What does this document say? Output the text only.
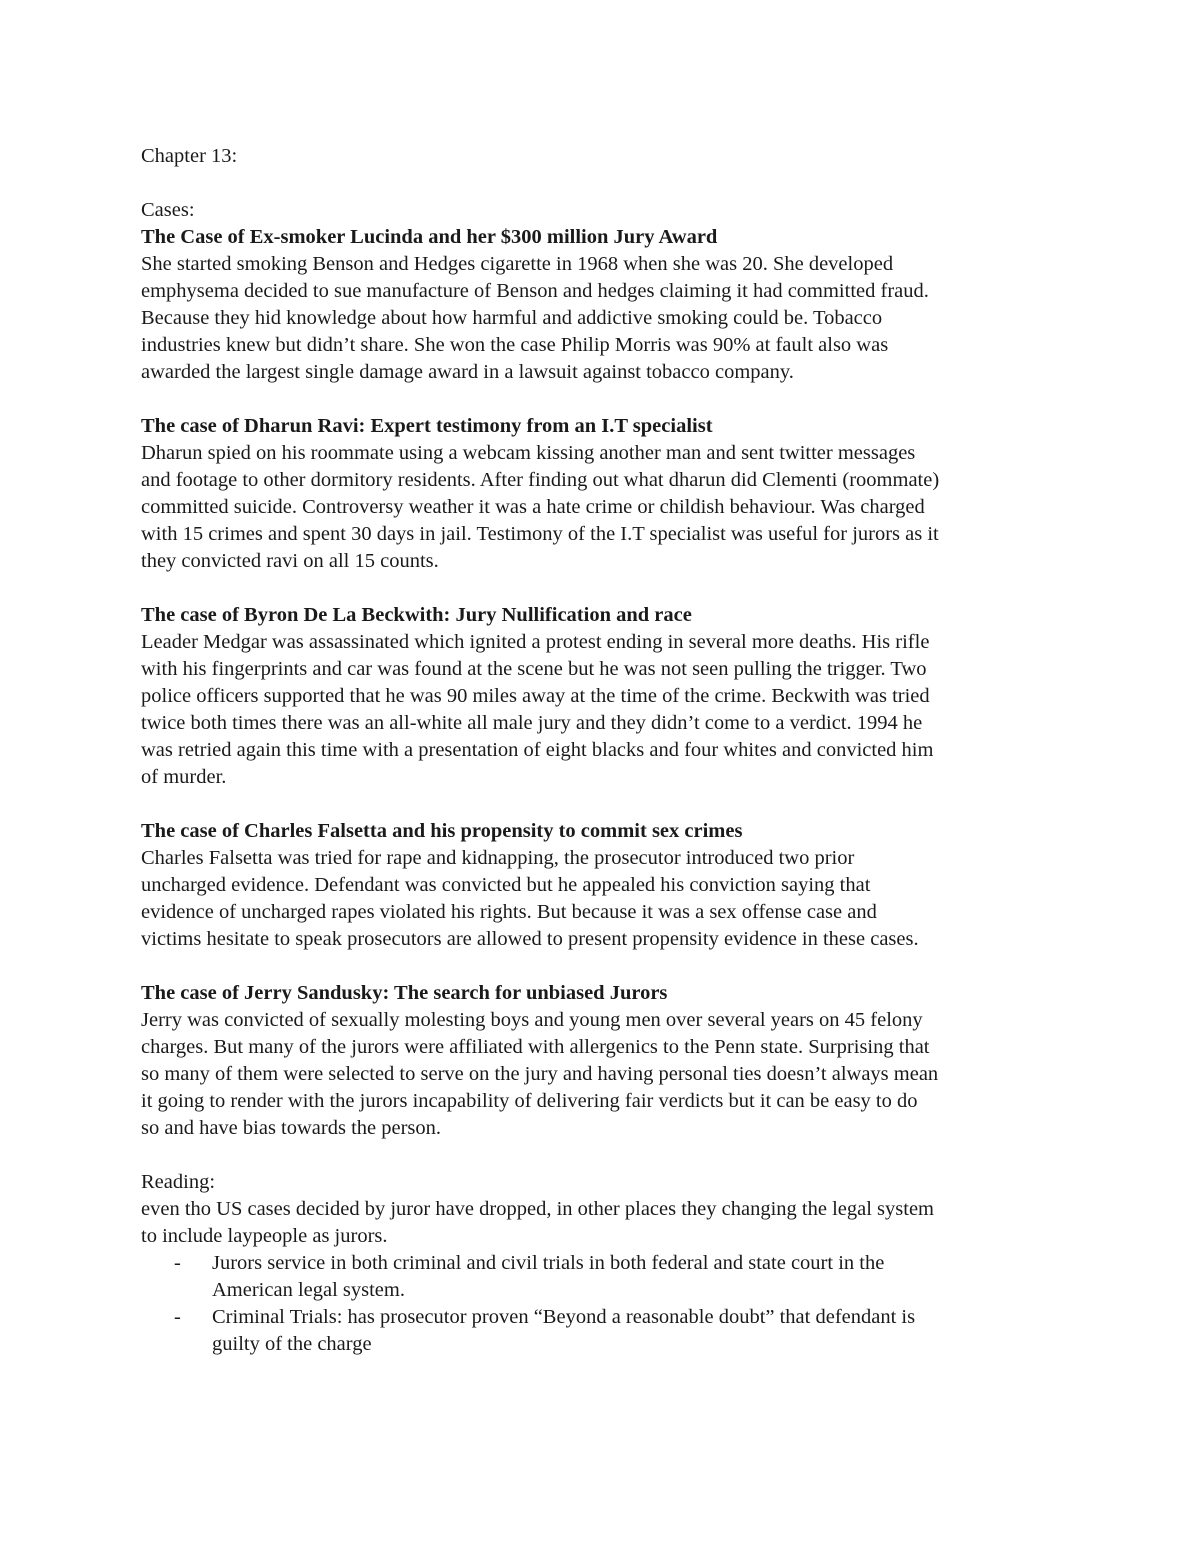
Chapter 13:
Cases:
The Case of Ex-smoker Lucinda and her $300 million Jury Award
She started smoking Benson and Hedges cigarette in 1968 when she was 20. She developed
emphysema decided to sue manufacture of Benson and hedges claiming it had committed fraud.
Because they hid knowledge about how harmful and addictive smoking could be. Tobacco
industries knew but didn’t share. She won the case Philip Morris was 90% at fault also was
awarded the largest single damage award in a lawsuit against tobacco company.
The case of Dharun Ravi: Expert testimony from an I.T specialist
Dharun spied on his roommate using a webcam kissing another man and sent twitter messages
and footage to other dormitory residents. After finding out what dharun did Clementi (roommate)
committed suicide. Controversy weather it was a hate crime or childish behaviour. Was charged
with 15 crimes and spent 30 days in jail. Testimony of the I.T specialist was useful for jurors as it
they convicted ravi on all 15 counts.
The case of Byron De La Beckwith: Jury Nullification and race
Leader Medgar was assassinated which ignited a protest ending in several more deaths. His rifle
with his fingerprints and car was found at the scene but he was not seen pulling the trigger. Two
police officers supported that he was 90 miles away at the time of the crime. Beckwith was tried
twice both times there was an all-white all male jury and they didn’t come to a verdict. 1994 he
was retried again this time with a presentation of eight blacks and four whites and convicted him
of murder.
The case of Charles Falsetta and his propensity to commit sex crimes
Charles Falsetta was tried for rape and kidnapping, the prosecutor introduced two prior
uncharged evidence. Defendant was convicted but he appealed his conviction saying that
evidence of uncharged rapes violated his rights. But because it was a sex offense case and
victims hesitate to speak prosecutors are allowed to present propensity evidence in these cases.
The case of Jerry Sandusky: The search for unbiased Jurors
Jerry was convicted of sexually molesting boys and young men over several years on 45 felony
charges. But many of the jurors were affiliated with allergenics to the Penn state. Surprising that
so many of them were selected to serve on the jury and having personal ties doesn’t always mean
it going to render with the jurors incapability of delivering fair verdicts but it can be easy to do
so and have bias towards the person.
Reading:
even tho US cases decided by juror have dropped, in other places they changing the legal system
to include laypeople as jurors.
- Jurors service in both criminal and civil trials in both federal and state court in the
American legal system.
- Criminal Trials: has prosecutor proven “Beyond a reasonable doubt” that defendant is
guilty of the charge
